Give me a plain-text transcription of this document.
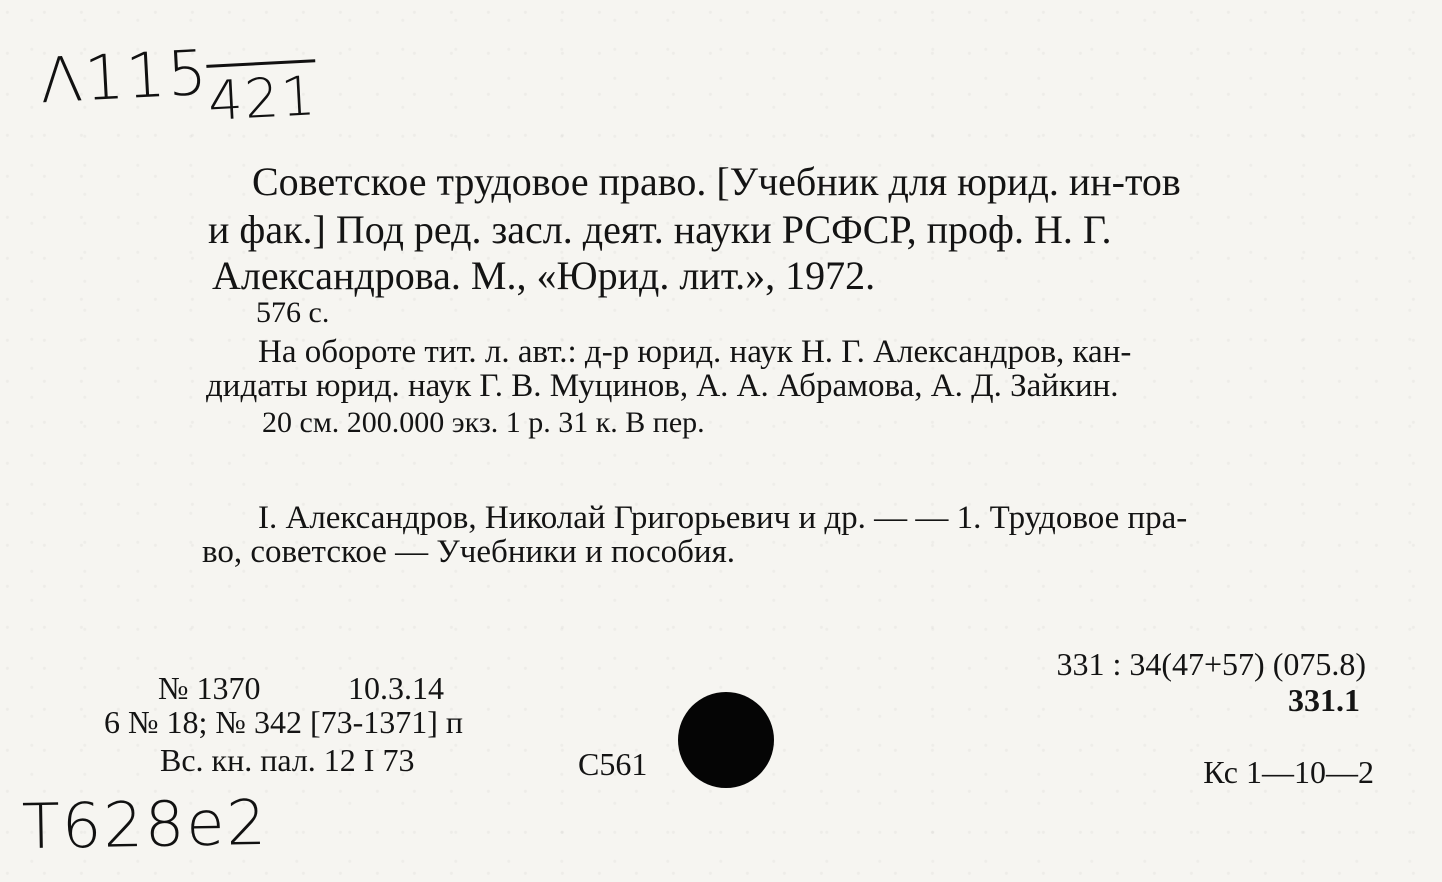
Λ115
421
Советское трудовое право. [Учебник для юрид. ин-тов
и фак.] Под ред. засл. деят. науки РСФСР, проф. Н. Г.
Александрова. М., «Юрид. лит.», 1972.
576 с.
На обороте тит. л. авт.: д-р юрид. наук Н. Г. Александров, кан-
дидаты юрид. наук Г. В. Муцинов, А. А. Абрамова, А. Д. Зайкин.
20 см. 200.000 экз. 1 р. 31 к. В пер.
I. Александров, Николай Григорьевич и др. — — 1. Трудовое пра-
во, советское — Учебники и пособия.
№ 1370	10.3.14
6 № 18; № 342 [73-1371] п
Вс. кн. пал. 12 I 73	С561
331 : 34(47+57) (075.8)
331.1
Кс 1—10—2
Т628е2
